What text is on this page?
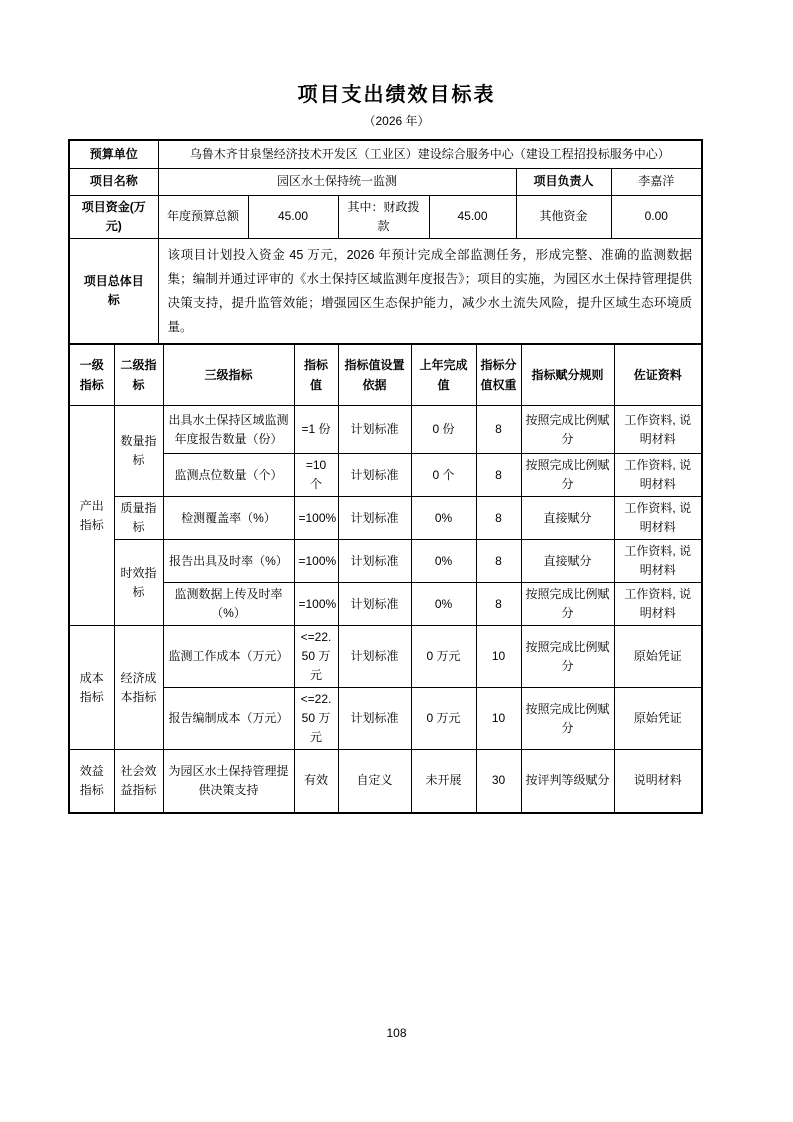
项目支出绩效目标表
（2026 年）
预算单位	乌鲁木齐甘泉堡经济技术开发区（工业区）建设综合服务中心（建设工程招投标服务中心）					
项目名称	园区水土保持统一监测				项目负责人	李嘉洋
项目资金(万元)	年度预算总额	45.00	其中：财政拨款	45.00	其他资金	0.00
项目总体目标	该项目计划投入资金 45 万元，2026 年预计完成全部监测任务，形成完整、准确的监测数据集；编制并通过评审的《水土保持区域监测年度报告》；项目的实施，为园区水土保持管理提供决策支持，提升监管效能；增强园区生态保护能力，减少水土流失风险，提升区域生态环境质量。					
一级指标	二级指标	三级指标	指标值	指标值设置依据	上年完成值	指标分值权重	指标赋分规则	佐证资料
产出指标	数量指标	出具水土保持区域监测年度报告数量（份）	=1 份	计划标准	0 份	8	按照完成比例赋分	工作资料, 说明材料
		监测点位数量（个）	=10 个	计划标准	0 个	8	按照完成比例赋分	工作资料, 说明材料
	质量指标	检测覆盖率（%）	=100%	计划标准	0%	8	直接赋分	工作资料, 说明材料
	时效指标	报告出具及时率（%）	=100%	计划标准	0%	8	直接赋分	工作资料, 说明材料
		监测数据上传及时率（%）	=100%	计划标准	0%	8	按照完成比例赋分	工作资料, 说明材料
成本指标	经济成本指标	监测工作成本（万元）	<=22.50 万元	计划标准	0 万元	10	按照完成比例赋分	原始凭证
		报告编制成本（万元）	<=22.50 万元	计划标准	0 万元	10	按照完成比例赋分	原始凭证
效益指标	社会效益指标	为园区水土保持管理提供决策支持	有效	自定义	未开展	30	按评判等级赋分	说明材料
108
